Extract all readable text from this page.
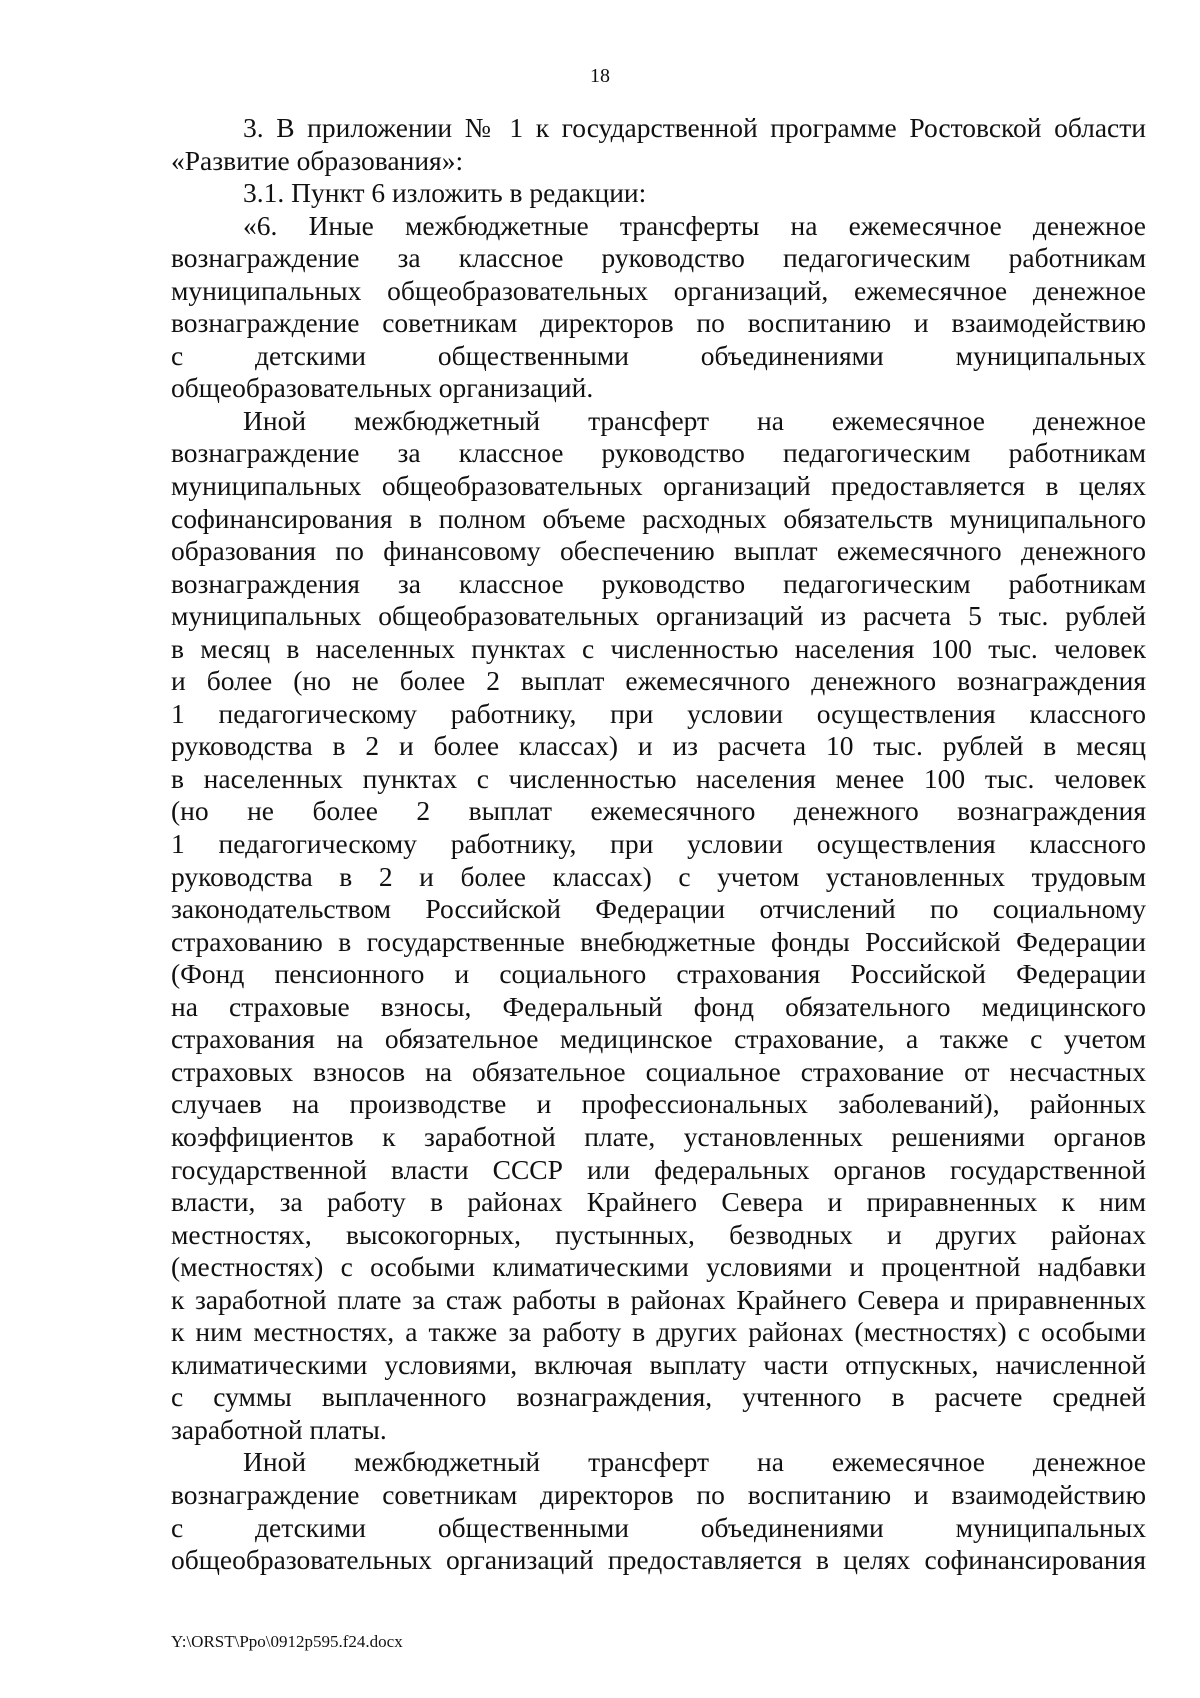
18
3. В приложении № 1 к государственной программе Ростовской области
«Развитие образования»:
3.1. Пункт 6 изложить в редакции:
«6. Иные межбюджетные трансферты на ежемесячное денежное
вознаграждение за классное руководство педагогическим работникам
муниципальных общеобразовательных организаций, ежемесячное денежное
вознаграждение советникам директоров по воспитанию и взаимодействию
с детскими общественными объединениями муниципальных
общеобразовательных организаций.
Иной межбюджетный трансферт на ежемесячное денежное
вознаграждение за классное руководство педагогическим работникам
муниципальных общеобразовательных организаций предоставляется в целях
софинансирования в полном объеме расходных обязательств муниципального
образования по финансовому обеспечению выплат ежемесячного денежного
вознаграждения за классное руководство педагогическим работникам
муниципальных общеобразовательных организаций из расчета 5 тыс. рублей
в месяц в населенных пунктах с численностью населения 100 тыс. человек
и более (но не более 2 выплат ежемесячного денежного вознаграждения
1 педагогическому работнику, при условии осуществления классного
руководства в 2 и более классах) и из расчета 10 тыс. рублей в месяц
в населенных пунктах с численностью населения менее 100 тыс. человек
(но не более 2 выплат ежемесячного денежного вознаграждения
1 педагогическому работнику, при условии осуществления классного
руководства в 2 и более классах) с учетом установленных трудовым
законодательством Российской Федерации отчислений по социальному
страхованию в государственные внебюджетные фонды Российской Федерации
(Фонд пенсионного и социального страхования Российской Федерации
на страховые взносы, Федеральный фонд обязательного медицинского
страхования на обязательное медицинское страхование, а также с учетом
страховых взносов на обязательное социальное страхование от несчастных
случаев на производстве и профессиональных заболеваний), районных
коэффициентов к заработной плате, установленных решениями органов
государственной власти СССР или федеральных органов государственной
власти, за работу в районах Крайнего Севера и приравненных к ним
местностях, высокогорных, пустынных, безводных и других районах
(местностях) с особыми климатическими условиями и процентной надбавки
к заработной плате за стаж работы в районах Крайнего Севера и приравненных
к ним местностях, а также за работу в других районах (местностях) с особыми
климатическими условиями, включая выплату части отпускных, начисленной
с суммы выплаченного вознаграждения, учтенного в расчете средней
заработной платы.
Иной межбюджетный трансферт на ежемесячное денежное
вознаграждение советникам директоров по воспитанию и взаимодействию
с детскими общественными объединениями муниципальных
общеобразовательных организаций предоставляется в целях софинансирования
Y:\ORST\Ppo\0912p595.f24.docx
